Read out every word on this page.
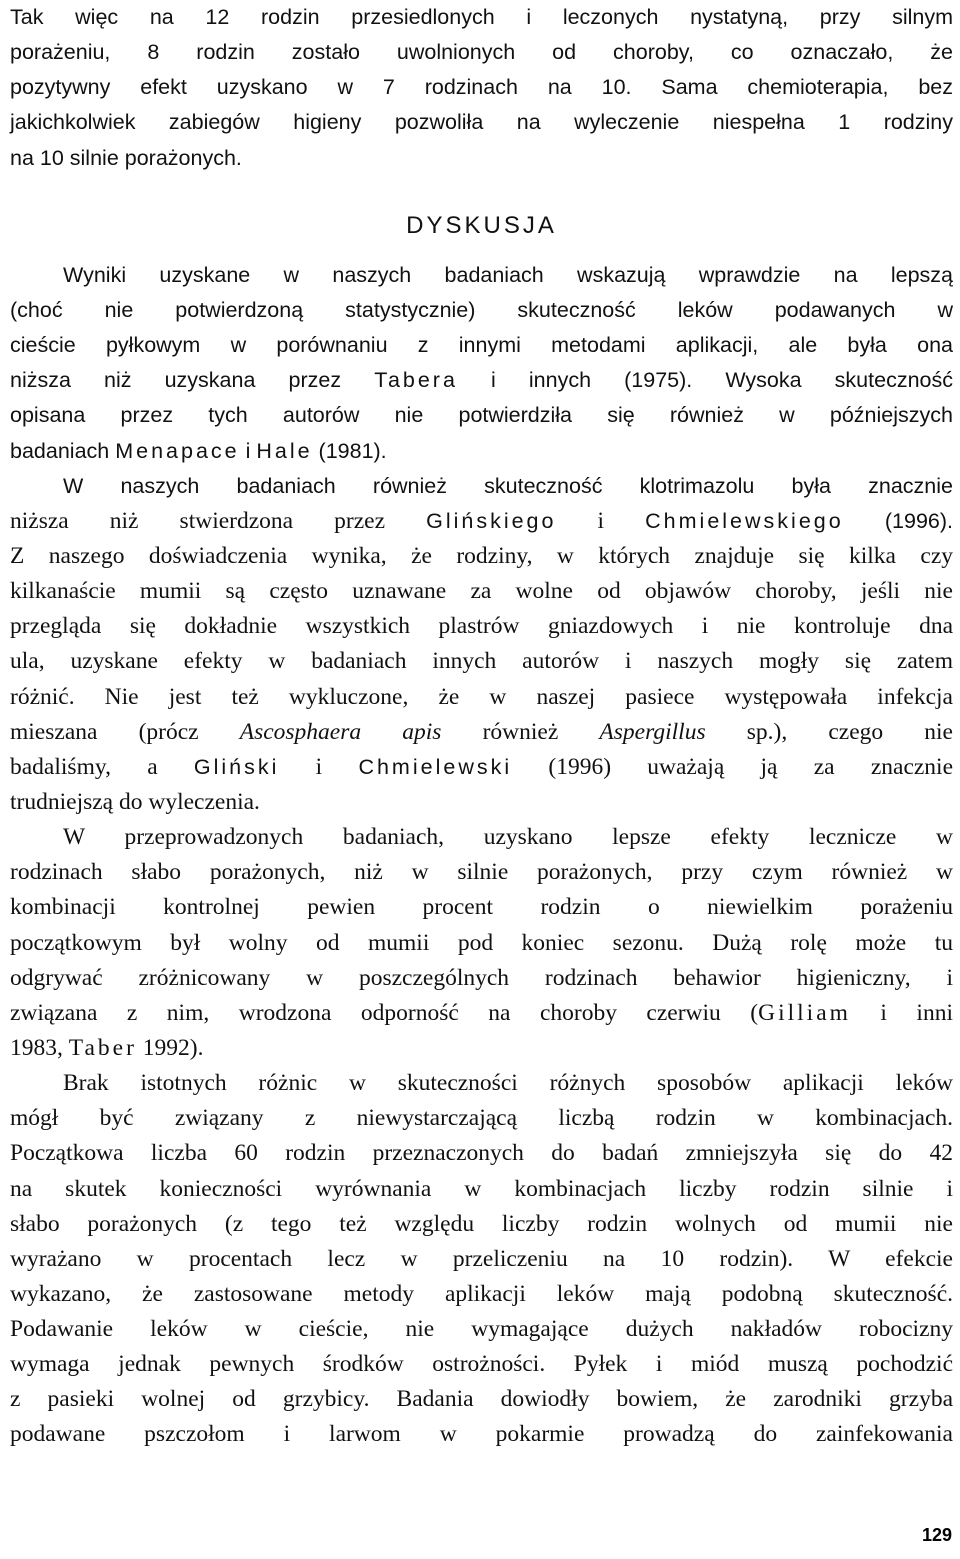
Tak więc na 12 rodzin przesiedlonych i leczonych nystatyną, przy silnym
porażeniu, 8 rodzin zostało uwolnionych od choroby, co oznaczało, że
pozytywny efekt uzyskano w 7 rodzinach na 10. Sama chemioterapia, bez
jakichkolwiek zabiegów higieny pozwoliła na wyleczenie niespełna 1 rodziny
na 10 silnie porażonych.
DYSKUSJA
Wyniki uzyskane w naszych badaniach wskazują wprawdzie na lepszą
(choć nie potwierdzoną statystycznie) skuteczność leków podawanych w
cieście pyłkowym w porównaniu z innymi metodami aplikacji, ale była ona
niższa niż uzyskana przez Tabera i innych (1975). Wysoka skuteczność
opisana przez tych autorów nie potwierdziła się również w późniejszych
badaniach Menapace i Hale (1981).
W naszych badaniach również skuteczność klotrimazolu była znacznie
niższa niż stwierdzona przez Glińskiego i Chmielewskiego (1996).
Z naszego doświadczenia wynika, że rodziny, w których znajduje się kilka czy
kilkanaście mumii są często uznawane za wolne od objawów choroby, jeśli nie
przegląda się dokładnie wszystkich plastrów gniazdowych i nie kontroluje dna
ula, uzyskane efekty w badaniach innych autorów i naszych mogły się zatem
różnić. Nie jest też wykluczone, że w naszej pasiece występowała infekcja
mieszana (prócz Ascosphaera apis również Aspergillus sp.), czego nie
badaliśmy, a Gliński i Chmielewski (1996) uważają ją za znacznie
trudniejszą do wyleczenia.
W przeprowadzonych badaniach, uzyskano lepsze efekty lecznicze w
rodzinach słabo porażonych, niż w silnie porażonych, przy czym również w
kombinacji kontrolnej pewien procent rodzin o niewielkim porażeniu
początkowym był wolny od mumii pod koniec sezonu. Dużą rolę może tu
odgrywać zróżnicowany w poszczególnych rodzinach behawior higieniczny, i
związana z nim, wrodzona odporność na choroby czerwiu (Gilliam i inni
1983, Taber 1992).
Brak istotnych różnic w skuteczności różnych sposobów aplikacji leków
mógł być związany z niewystarczającą liczbą rodzin w kombinacjach.
Początkowa liczba 60 rodzin przeznaczonych do badań zmniejszyła się do 42
na skutek konieczności wyrównania w kombinacjach liczby rodzin silnie i
słabo porażonych (z tego też względu liczby rodzin wolnych od mumii nie
wyrażano w procentach lecz w przeliczeniu na 10 rodzin). W efekcie
wykazano, że zastosowane metody aplikacji leków mają podobną skuteczność.
Podawanie leków w cieście, nie wymagające dużych nakładów robocizny
wymaga jednak pewnych środków ostrożności. Pyłek i miód muszą pochodzić
z pasieki wolnej od grzybicy. Badania dowiodły bowiem, że zarodniki grzyba
podawane pszczołom i larwom w pokarmie prowadzą do zainfekowania
129
